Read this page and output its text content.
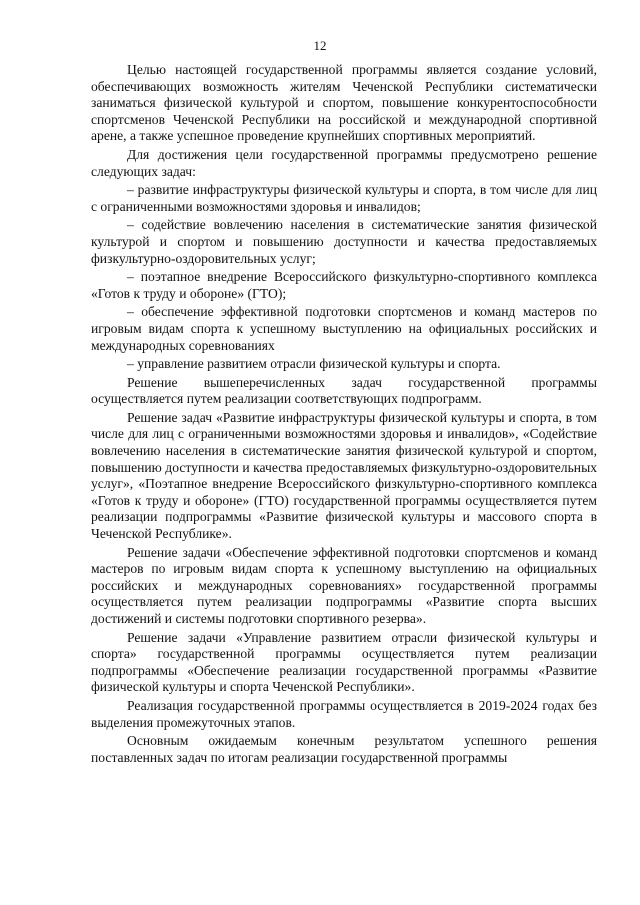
12

Целью настоящей государственной программы является создание условий, обеспечивающих возможность жителям Чеченской Республики систематически заниматься физической культурой и спортом, повышение конкурентоспособности спортсменов Чеченской Республики на российской и международной спортивной арене, а также успешное проведение крупнейших спортивных мероприятий.

Для достижения цели государственной программы предусмотрено решение следующих задач:

– развитие инфраструктуры физической культуры и спорта, в том числе для лиц с ограниченными возможностями здоровья и инвалидов;

– содействие вовлечению населения в систематические занятия физической культурой и спортом и повышению доступности и качества предоставляемых физкультурно-оздоровительных услуг;

– поэтапное внедрение Всероссийского физкультурно-спортивного комплекса «Готов к труду и обороне» (ГТО);

– обеспечение эффективной подготовки спортсменов и команд мастеров по игровым видам спорта к успешному выступлению на официальных российских и международных соревнованиях

– управление развитием отрасли физической культуры и спорта.

Решение вышеперечисленных задач государственной программы осуществляется путем реализации соответствующих подпрограмм.

Решение задач «Развитие инфраструктуры физической культуры и спорта, в том числе для лиц с ограниченными возможностями здоровья и инвалидов», «Содействие вовлечению населения в систематические занятия физической культурой и спортом, повышению доступности и качества предоставляемых физкультурно-оздоровительных услуг», «Поэтапное внедрение Всероссийского физкультурно-спортивного комплекса «Готов к труду и обороне» (ГТО) государственной программы осуществляется путем реализации подпрограммы «Развитие физической культуры и массового спорта в Чеченской Республике».

Решение задачи «Обеспечение эффективной подготовки спортсменов и команд мастеров по игровым видам спорта к успешному выступлению на официальных российских и международных соревнованиях» государственной программы осуществляется путем реализации подпрограммы «Развитие спорта высших достижений и системы подготовки спортивного резерва».

Решение задачи «Управление развитием отрасли физической культуры и спорта» государственной программы осуществляется путем реализации подпрограммы «Обеспечение реализации государственной программы «Развитие физической культуры и спорта Чеченской Республики».

Реализация государственной программы осуществляется в 2019-2024 годах без выделения промежуточных этапов.

Основным ожидаемым конечным результатом успешного решения поставленных задач по итогам реализации государственной программы
